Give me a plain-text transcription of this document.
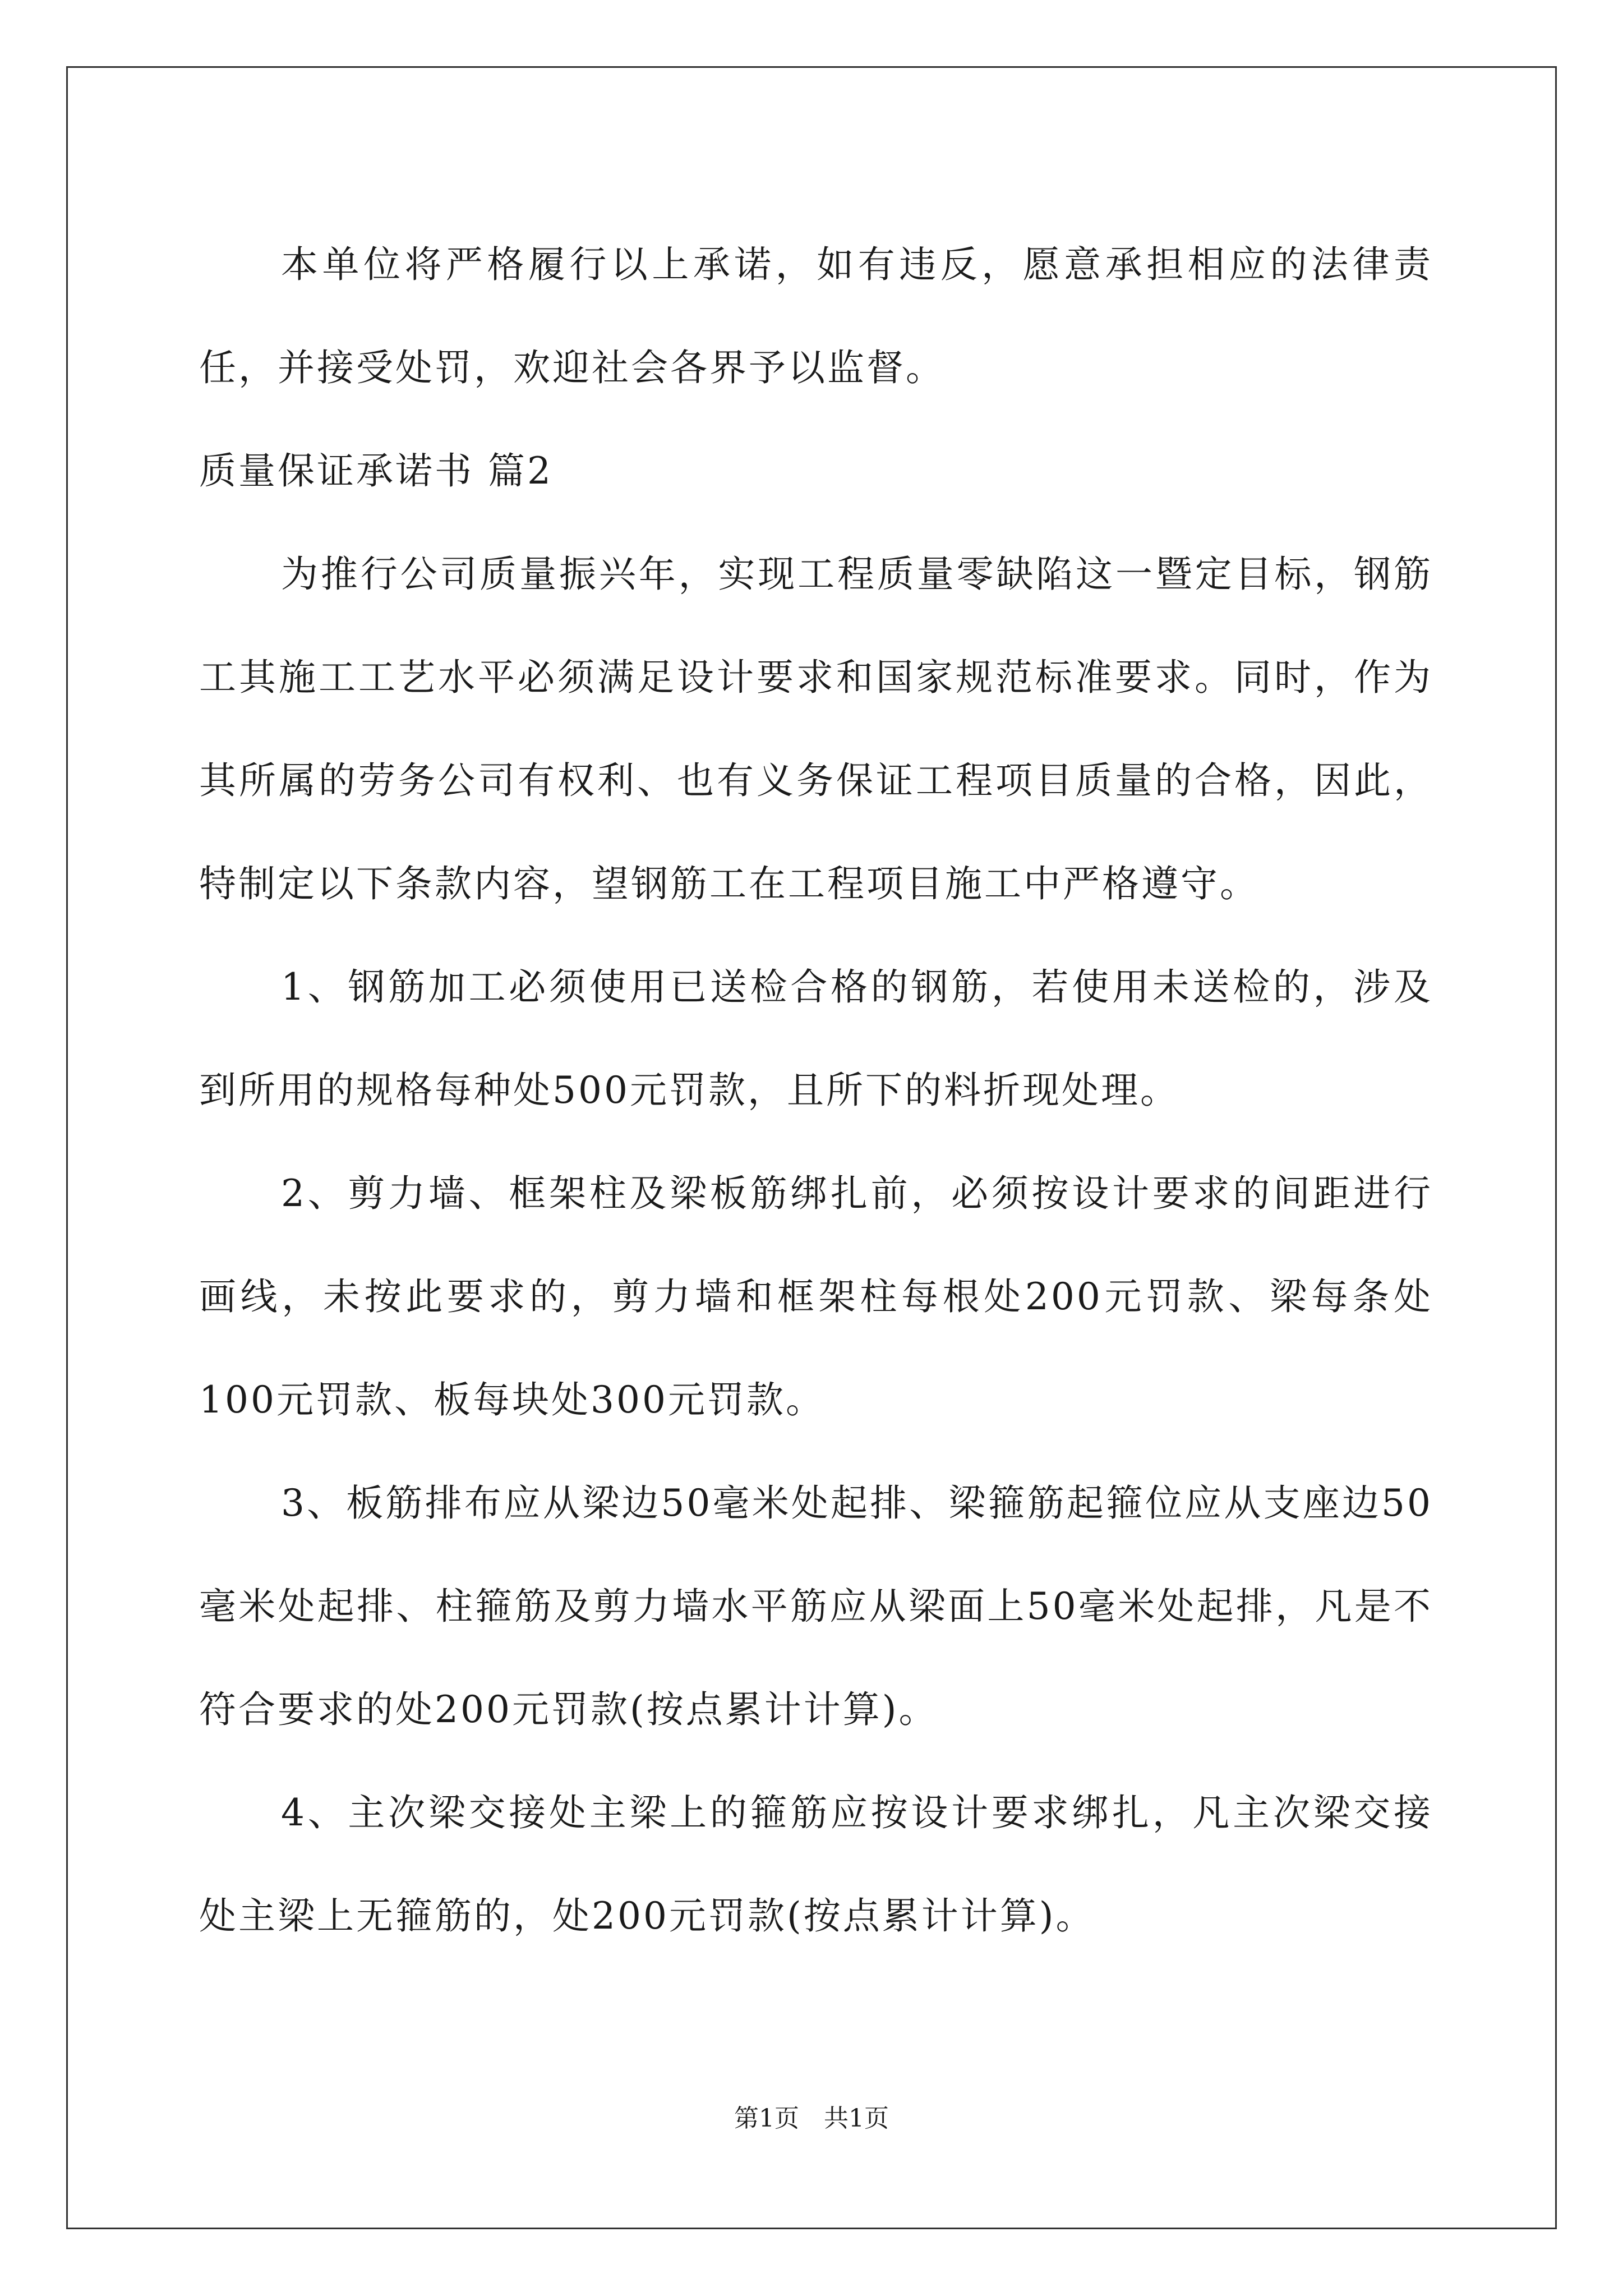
本单位将严格履行以上承诺，如有违反，愿意承担相应的法律责任，并接受处罚，欢迎社会各界予以监督。

质量保证承诺书 篇2

为推行公司质量振兴年，实现工程质量零缺陷这一暨定目标，钢筋工其施工工艺水平必须满足设计要求和国家规范标准要求。同时，作为其所属的劳务公司有权利、也有义务保证工程项目质量的合格，因此，特制定以下条款内容，望钢筋工在工程项目施工中严格遵守。

1、钢筋加工必须使用已送检合格的钢筋，若使用未送检的，涉及到所用的规格每种处500元罚款，且所下的料折现处理。

2、剪力墙、框架柱及梁板筋绑扎前，必须按设计要求的间距进行画线，未按此要求的，剪力墙和框架柱每根处200元罚款、梁每条处100元罚款、板每块处300元罚款。

3、板筋排布应从梁边50毫米处起排、梁箍筋起箍位应从支座边50毫米处起排、柱箍筋及剪力墙水平筋应从梁面上50毫米处起排，凡是不符合要求的处200元罚款(按点累计计算)。

4、主次梁交接处主梁上的箍筋应按设计要求绑扎，凡主次梁交接处主梁上无箍筋的，处200元罚款(按点累计计算)。

第1页　共1页
